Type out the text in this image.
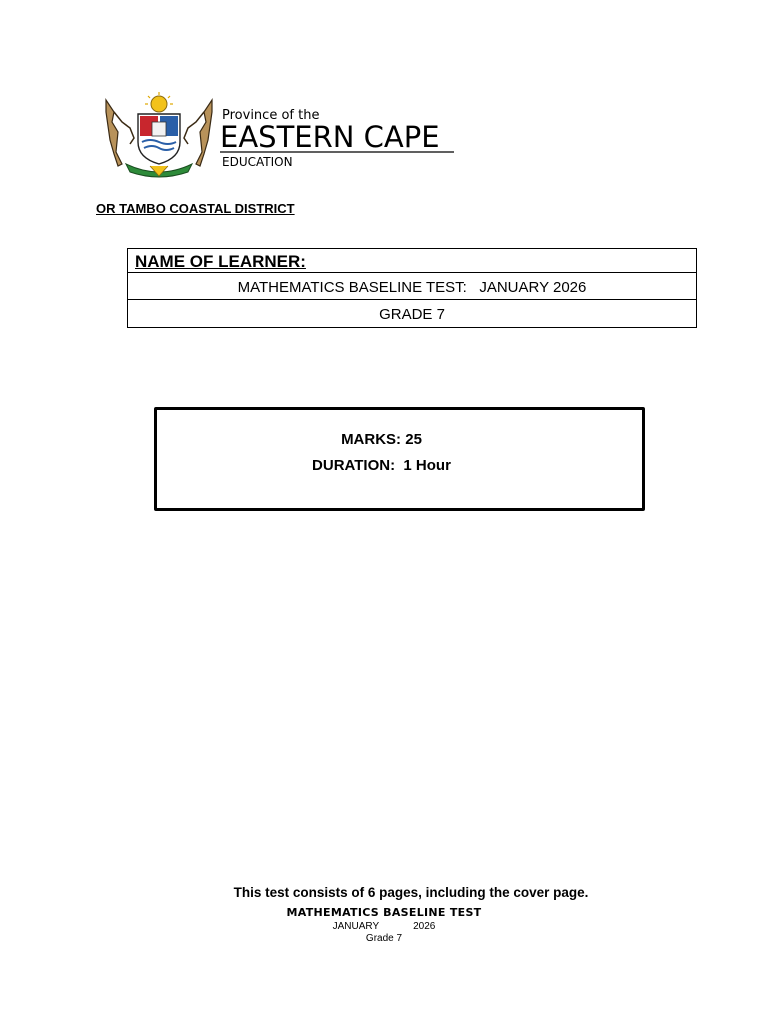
Province of the
EASTERN CAPE
EDUCATION
OR TAMBO COASTAL DISTRICT
NAME OF LEARNER:
MATHEMATICS BASELINE TEST:   JANUARY 2026
GRADE 7
MARKS: 25
DURATION:  1 Hour
This test consists of 6 pages, including the cover page.
MATHEMATICS BASELINE TEST
JANUARY	2026
Grade 7
